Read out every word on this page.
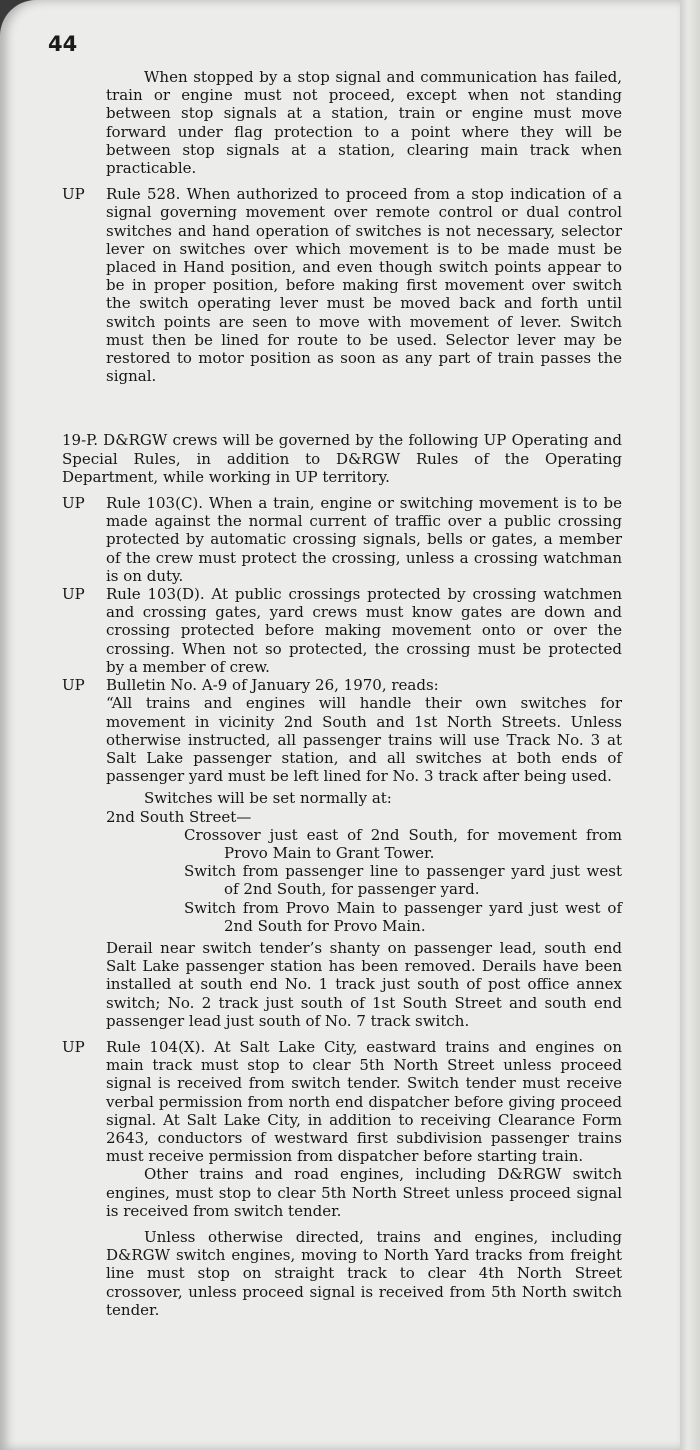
44

When stopped by a stop signal and communication has failed, train or engine must not proceed, except when not standing between stop signals at a station, train or engine must move forward under flag protection to a point where they will be between stop signals at a station, clearing main track when practicable.

UP Rule 528. When authorized to proceed from a stop indication of a signal governing movement over remote control or dual control switches and hand operation of switches is not necessary, selector lever on switches over which movement is to be made must be placed in Hand position, and even though switch points appear to be in proper position, before making first movement over switch the switch operating lever must be moved back and forth until switch points are seen to move with movement of lever. Switch must then be lined for route to be used. Selector lever may be restored to motor position as soon as any part of train passes the signal.

19-P. D&RGW crews will be governed by the following UP Operating and Special Rules, in addition to D&RGW Rules of the Operating Department, while working in UP territory.

UP Rule 103(C). When a train, engine or switching movement is to be made against the normal current of traffic over a public crossing protected by automatic crossing signals, bells or gates, a member of the crew must protect the crossing, unless a crossing watchman is on duty.
UP Rule 103(D). At public crossings protected by crossing watchmen and crossing gates, yard crews must know gates are down and crossing protected before making movement onto or over the crossing. When not so protected, the crossing must be protected by a member of crew.
UP Bulletin No. A-9 of January 26, 1970, reads:

“All trains and engines will handle their own switches for movement in vicinity 2nd South and 1st North Streets. Unless otherwise instructed, all passenger trains will use Track No. 3 at Salt Lake passenger station, and all switches at both ends of passenger yard must be left lined for No. 3 track after being used.

Switches will be set normally at:

2nd South Street—

Crossover just east of 2nd South, for movement from Provo Main to Grant Tower.

Switch from passenger line to passenger yard just west of 2nd South, for passenger yard.

Switch from Provo Main to passenger yard just west of 2nd South for Provo Main.

Derail near switch tender’s shanty on passenger lead, south end Salt Lake passenger station has been removed. Derails have been installed at south end No. 1 track just south of post office annex switch; No. 2 track just south of 1st South Street and south end passenger lead just south of No. 7 track switch.

UP Rule 104(X). At Salt Lake City, eastward trains and engines on main track must stop to clear 5th North Street unless proceed signal is received from switch tender. Switch tender must receive verbal permission from north end dispatcher before giving proceed signal. At Salt Lake City, in addition to receiving Clearance Form 2643, conductors of westward first subdivision passenger trains must receive permission from dispatcher before starting train.

Other trains and road engines, including D&RGW switch engines, must stop to clear 5th North Street unless proceed signal is received from switch tender.

Unless otherwise directed, trains and engines, including D&RGW switch engines, moving to North Yard tracks from freight line must stop on straight track to clear 4th North Street crossover, unless proceed signal is received from 5th North switch tender.
